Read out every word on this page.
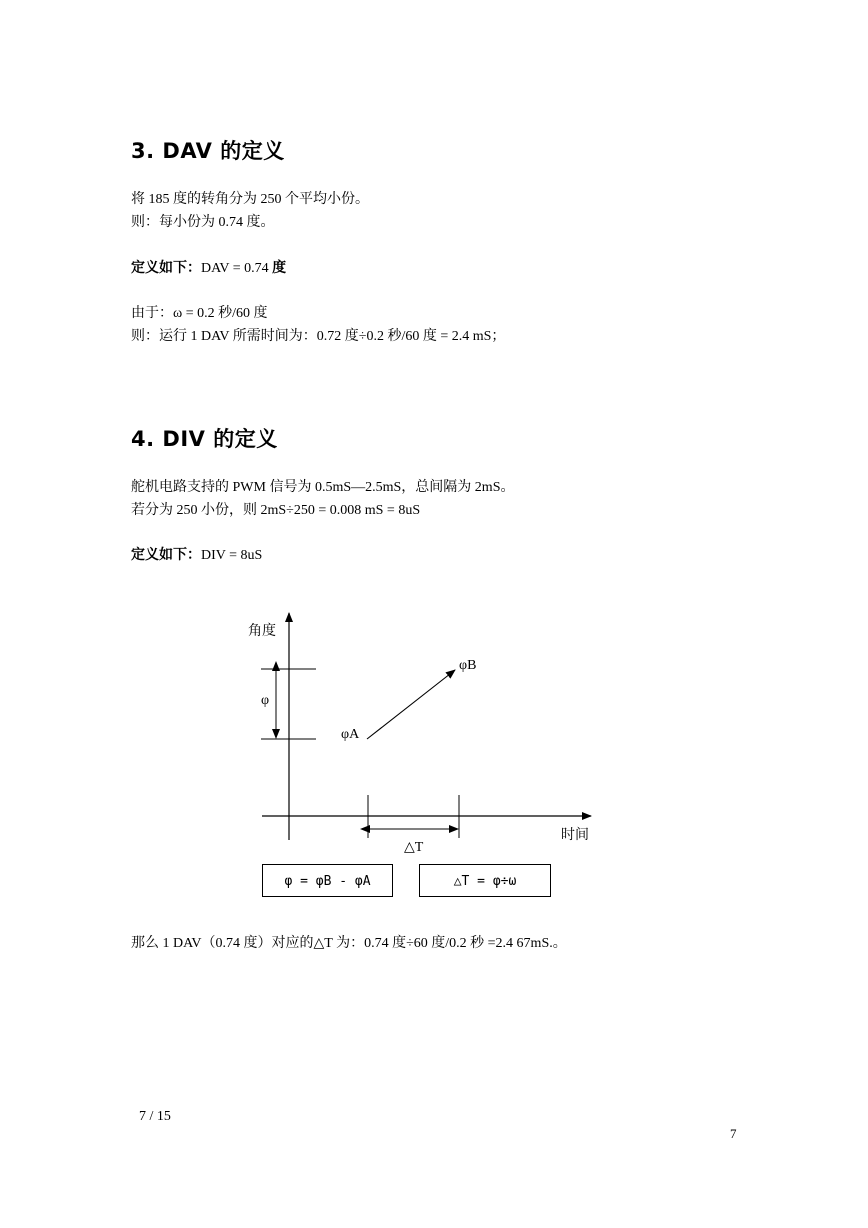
3. DAV 的定义
将 185 度的转角分为 250 个平均小份。
则：每小份为 0.74 度。
定义如下：DAV = 0.74 度
由于：ω = 0.2 秒/60 度
则：运行 1 DAV 所需时间为：0.72 度÷0.2 秒/60 度 = 2.4 mS；
4. DIV 的定义
舵机电路支持的 PWM 信号为 0.5mS—2.5mS，总间隔为 2mS。
若分为 250 小份，则 2mS÷250 = 0.008 mS = 8uS
定义如下：DIV = 8uS
角度
时间
φ
φA
φB
△T
φ = φB - φA	△T = φ÷ω
那么 1 DAV（0.74 度）对应的△T 为：0.74 度÷60 度/0.2 秒 =2.4 67mS.。
7 / 15
7
